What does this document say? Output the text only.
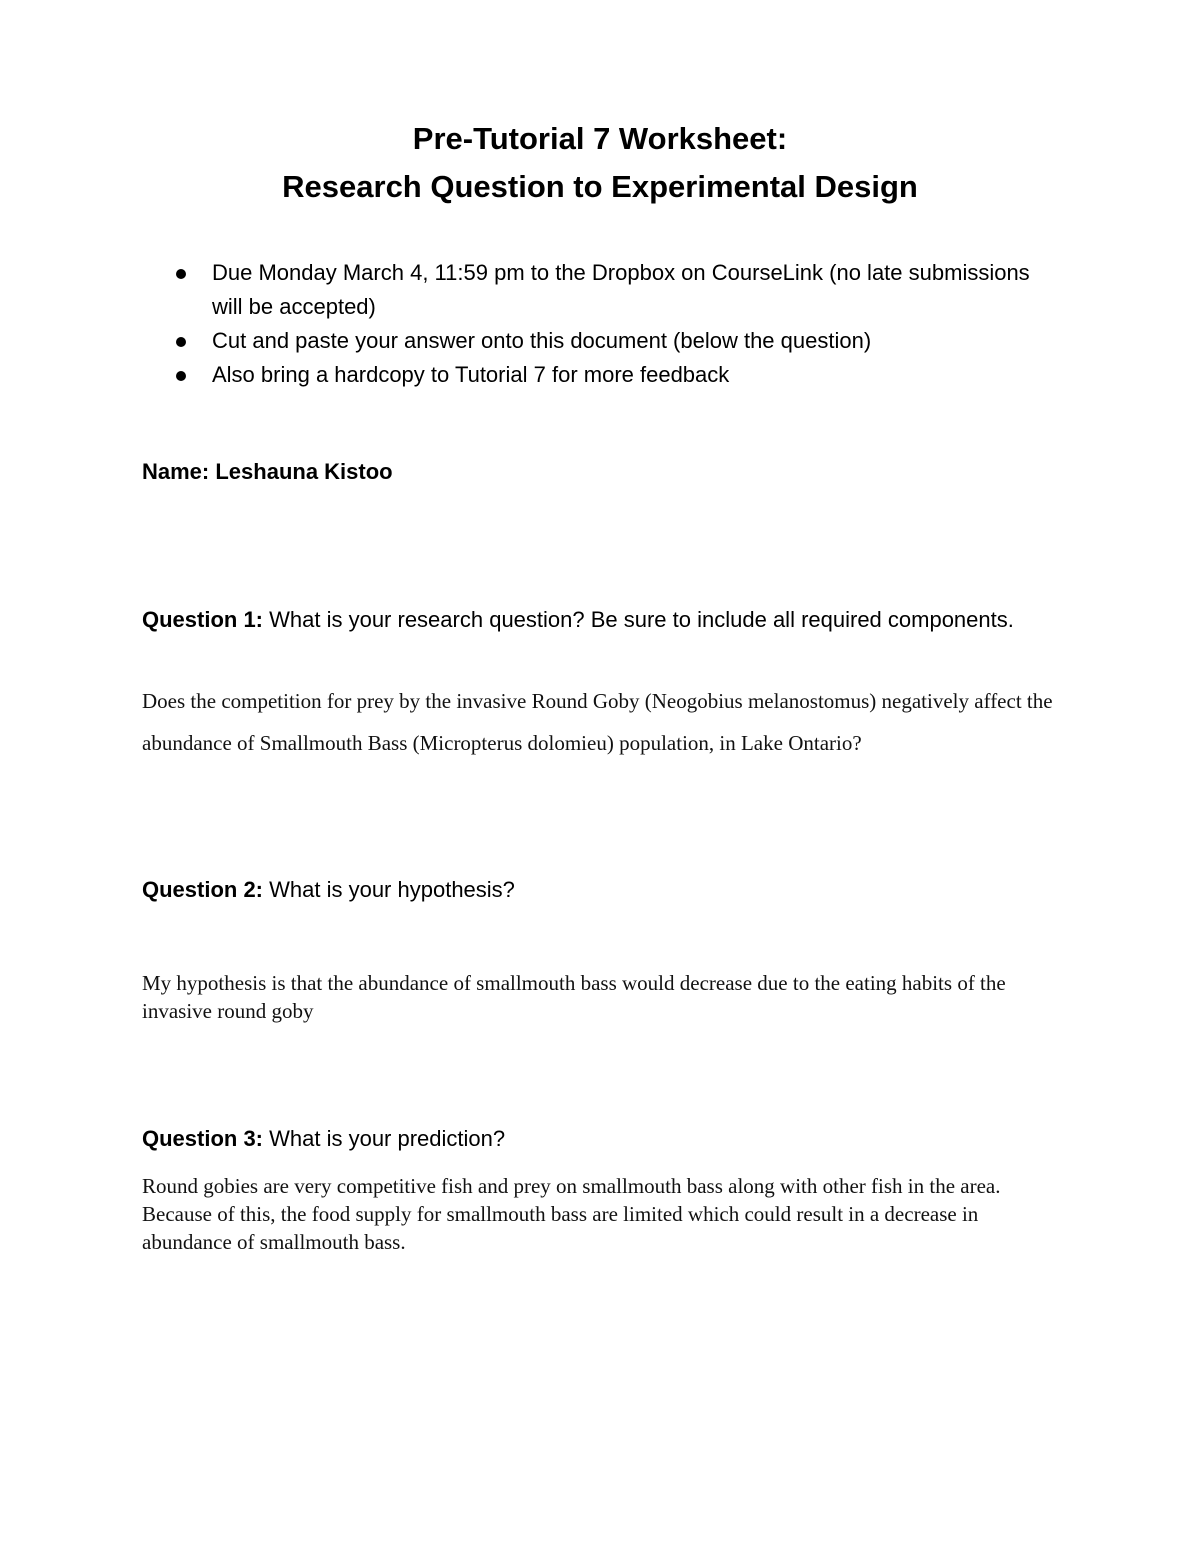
Pre-Tutorial 7 Worksheet:
Research Question to Experimental Design
Due Monday March 4, 11:59 pm to the Dropbox on CourseLink (no late submissions will be accepted)
Cut and paste your answer onto this document (below the question)
Also bring a hardcopy to Tutorial 7 for more feedback

Name: Leshauna Kistoo

Question 1: What is your research question? Be sure to include all required components.

Does the competition for prey by the invasive Round Goby (Neogobius melanostomus) negatively affect the abundance of Smallmouth Bass (Micropterus dolomieu) population, in Lake Ontario?

Question 2: What is your hypothesis?

My hypothesis is that the abundance of smallmouth bass would decrease due to the eating habits of the invasive round goby

Question 3: What is your prediction?

Round gobies are very competitive fish and prey on smallmouth bass along with other fish in the area. Because of this, the food supply for smallmouth bass are limited which could result in a decrease in abundance of smallmouth bass.
